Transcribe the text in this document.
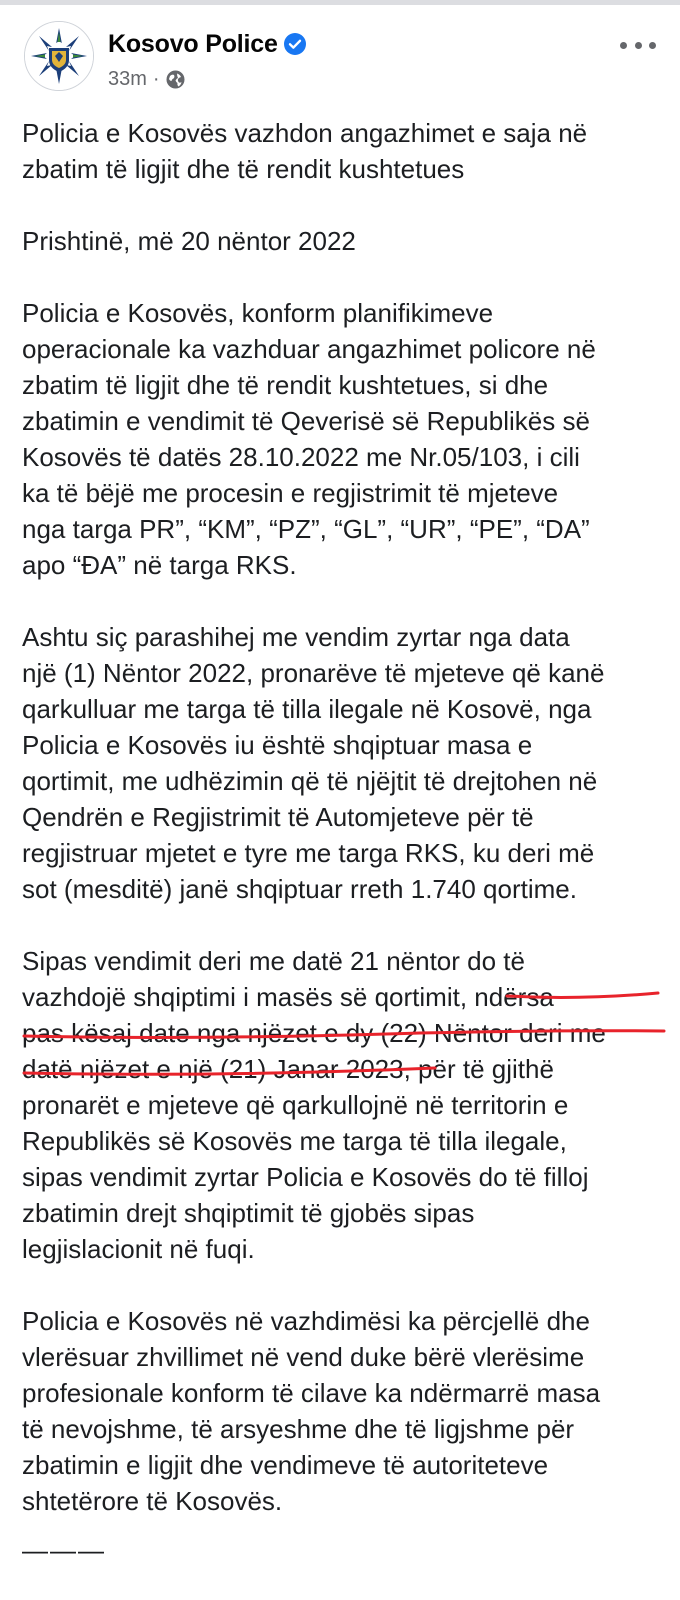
Kosovo Police
33m ·
Policia e Kosovës vazhdon angazhimet e saja në
zbatim të ligjit dhe të rendit kushtetues
Prishtinë, më 20 nëntor 2022
Policia e Kosovës, konform planifikimeve
operacionale ka vazhduar angazhimet policore në
zbatim të ligjit dhe të rendit kushtetues, si dhe
zbatimin e vendimit të Qeverisë së Republikës së
Kosovës të datës 28.10.2022 me Nr.05/103, i cili
ka të bëjë me procesin e regjistrimit të mjeteve
nga targa PR”, “KM”, “PZ”, “GL”, “UR”, “PE”, “DA”
apo “ĐA” në targa RKS.
Ashtu siç parashihej me vendim zyrtar nga data
një (1) Nëntor 2022, pronarëve të mjeteve që kanë
qarkulluar me targa të tilla ilegale në Kosovë, nga
Policia e Kosovës iu është shqiptuar masa e
qortimit, me udhëzimin që të njëjtit të drejtohen në
Qendrën e Regjistrimit të Automjeteve për të
regjistruar mjetet e tyre me targa RKS, ku deri më
sot (mesditë) janë shqiptuar rreth 1.740 qortime.
Sipas vendimit deri me datë 21 nëntor do të
vazhdojë shqiptimi i masës së qortimit, ndërsa
pas kësaj date nga njëzet e dy (22) Nëntor deri me
datë njëzet e një (21) Janar 2023, për të gjithë
pronarët e mjeteve që qarkullojnë në territorin e
Republikës së Kosovës me targa të tilla ilegale,
sipas vendimit zyrtar Policia e Kosovës do të filloj
zbatimin drejt shqiptimit të gjobës sipas
legjislacionit në fuqi.
Policia e Kosovës në vazhdimësi ka përcjellë dhe
vlerësuar zhvillimet në vend duke bërë vlerësime
profesionale konform të cilave ka ndërmarrë masa
të nevojshme, të arsyeshme dhe të ligjshme për
zbatimin e ligjit dhe vendimeve të autoriteteve
shtetërore të Kosovës.
———
